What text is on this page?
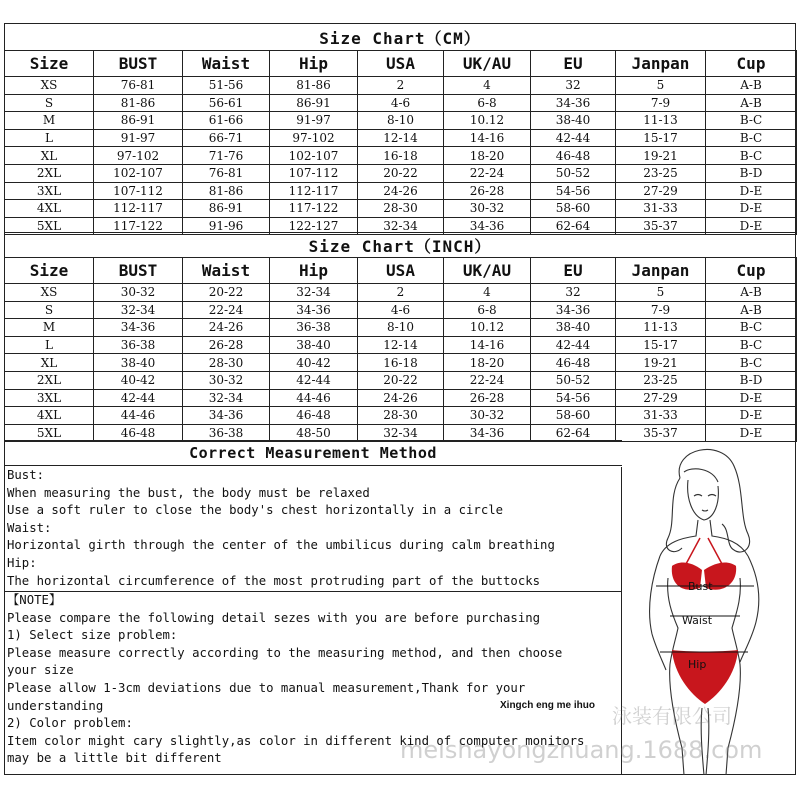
Size Chart（CM）
Size	BUST	Waist	Hip	USA	UK/AU	EU	Janpan	Cup
XS	76-81	51-56	81-86	2	4	32	5	A-B
S	81-86	56-61	86-91	4-6	6-8	34-36	7-9	A-B
M	86-91	61-66	91-97	8-10	10.12	38-40	11-13	B-C
L	91-97	66-71	97-102	12-14	14-16	42-44	15-17	B-C
XL	97-102	71-76	102-107	16-18	18-20	46-48	19-21	B-C
2XL	102-107	76-81	107-112	20-22	22-24	50-52	23-25	B-D
3XL	107-112	81-86	112-117	24-26	26-28	54-56	27-29	D-E
4XL	112-117	86-91	117-122	28-30	30-32	58-60	31-33	D-E
5XL	117-122	91-96	122-127	32-34	34-36	62-64	35-37	D-E
Size Chart（INCH）
Size	BUST	Waist	Hip	USA	UK/AU	EU	Janpan	Cup
XS	30-32	20-22	32-34	2	4	32	5	A-B
S	32-34	22-24	34-36	4-6	6-8	34-36	7-9	A-B
M	34-36	24-26	36-38	8-10	10.12	38-40	11-13	B-C
L	36-38	26-28	38-40	12-14	14-16	42-44	15-17	B-C
XL	38-40	28-30	40-42	16-18	18-20	46-48	19-21	B-C
2XL	40-42	30-32	42-44	20-22	22-24	50-52	23-25	B-D
3XL	42-44	32-34	44-46	24-26	26-28	54-56	27-29	D-E
4XL	44-46	34-36	46-48	28-30	30-32	58-60	31-33	D-E
5XL	46-48	36-38	48-50	32-34	34-36	62-64	35-37	D-E
Correct Measurement Method
Bust:
When measuring the bust, the body must be relaxed
Use a soft ruler to close the body's chest horizontally in a circle
Waist:
Horizontal girth through the center of the umbilicus during calm breathing
Hip:
The horizontal circumference of the most protruding part of the buttocks
【NOTE】
Please compare the following detail sezes with you are before purchasing
1) Select size problem:
Please measure correctly according to the measuring method, and then choose
your size
Please allow 1-3cm deviations due to manual measurement,Thank for your
understanding
2) Color problem:
Item color might cary slightly,as color in different kind of computer monitors
may be a little bit different
Bust
Waist
Hip
泳装有限公司
meishayongzhuang.1688.com
Xingch eng me ihuo
